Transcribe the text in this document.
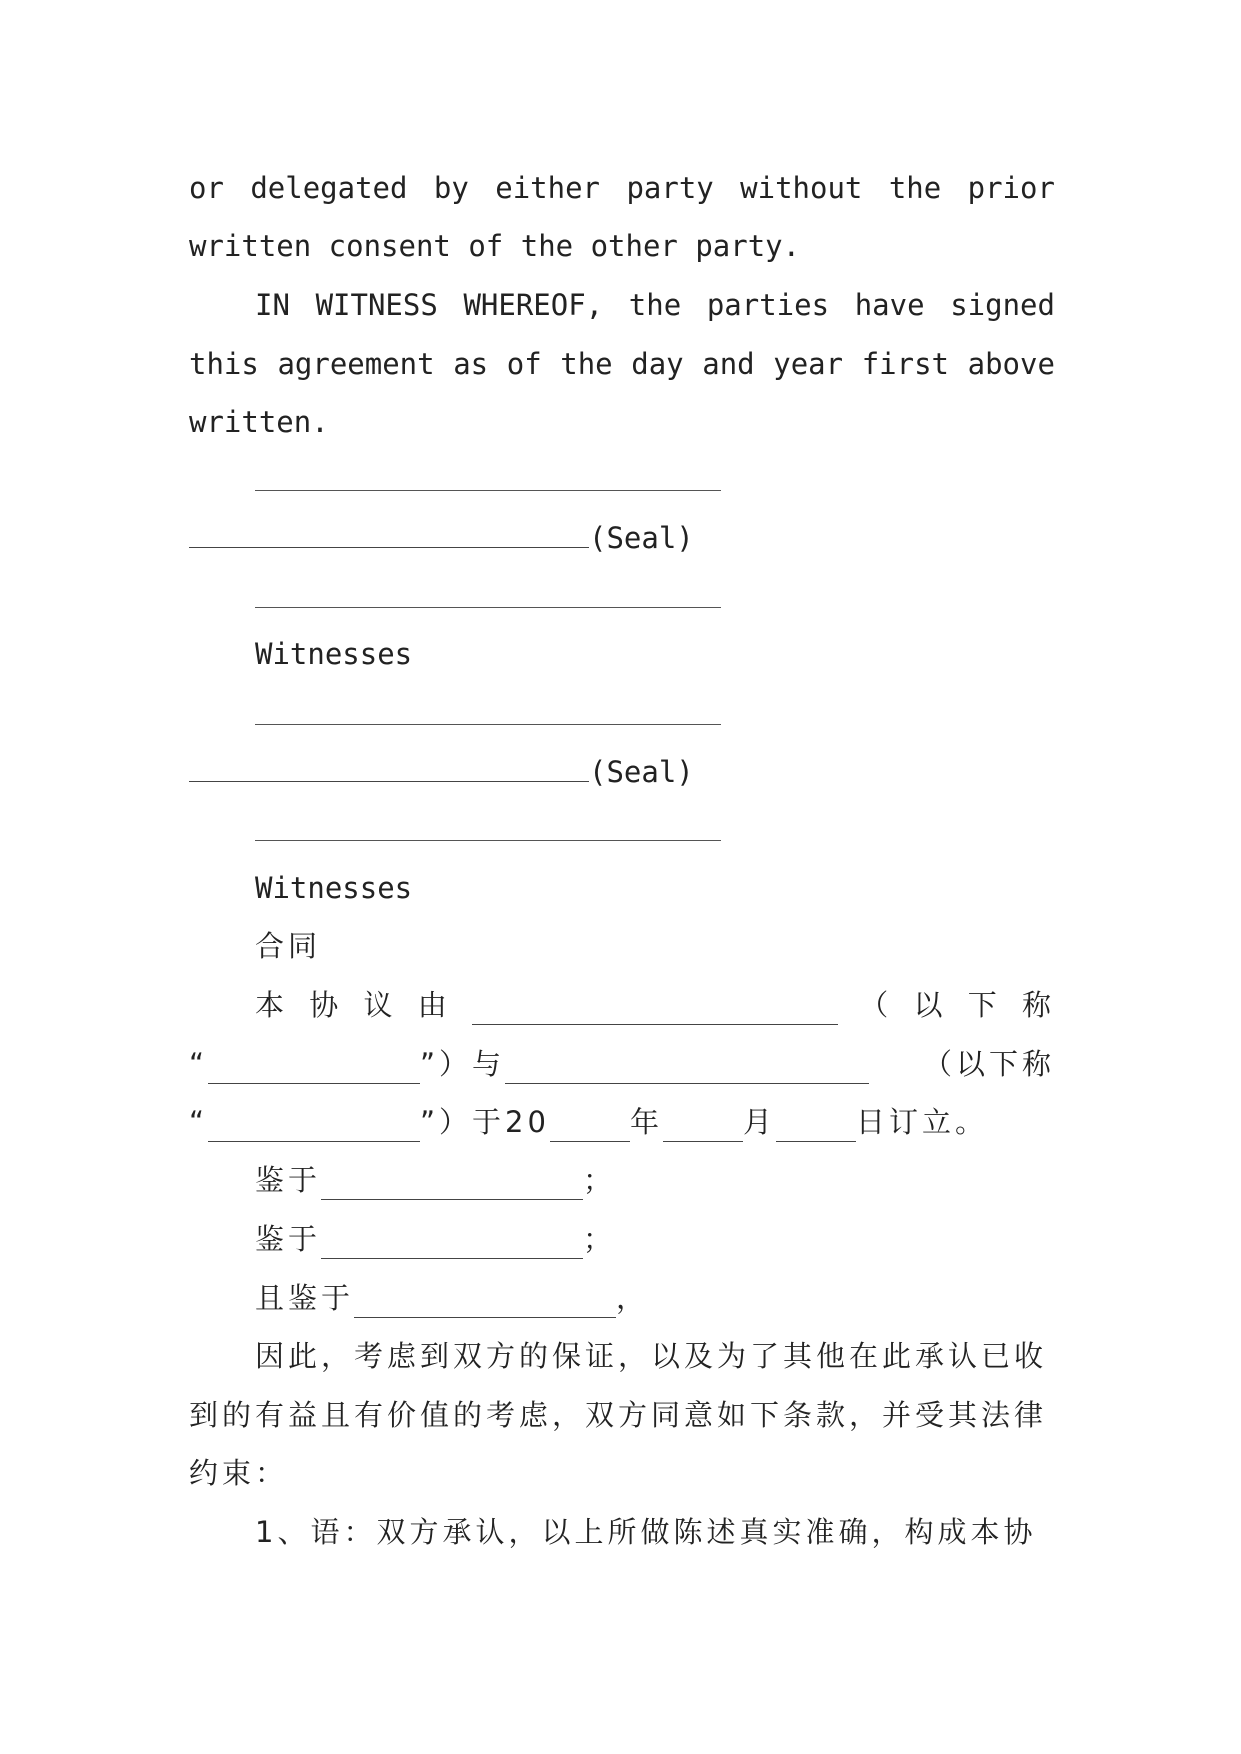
or delegated by either party without the prior
written consent of the other party.
IN WITNESS WHEREOF, the parties have signed
this agreement as of the day and year first above
written.
(Seal)
Witnesses
(Seal)
Witnesses
合同
本 协 议 由	（ 以 下 称
“	”）与	（以下称
“	”）于20	年	月	日订立。
鉴于	；
鉴于	；
且鉴于	，
因此，考虑到双方的保证，以及为了其他在此承认已收
到的有益且有价值的考虑，双方同意如下条款，并受其法律
约束：
1、语：双方承认，以上所做陈述真实准确，构成本协
